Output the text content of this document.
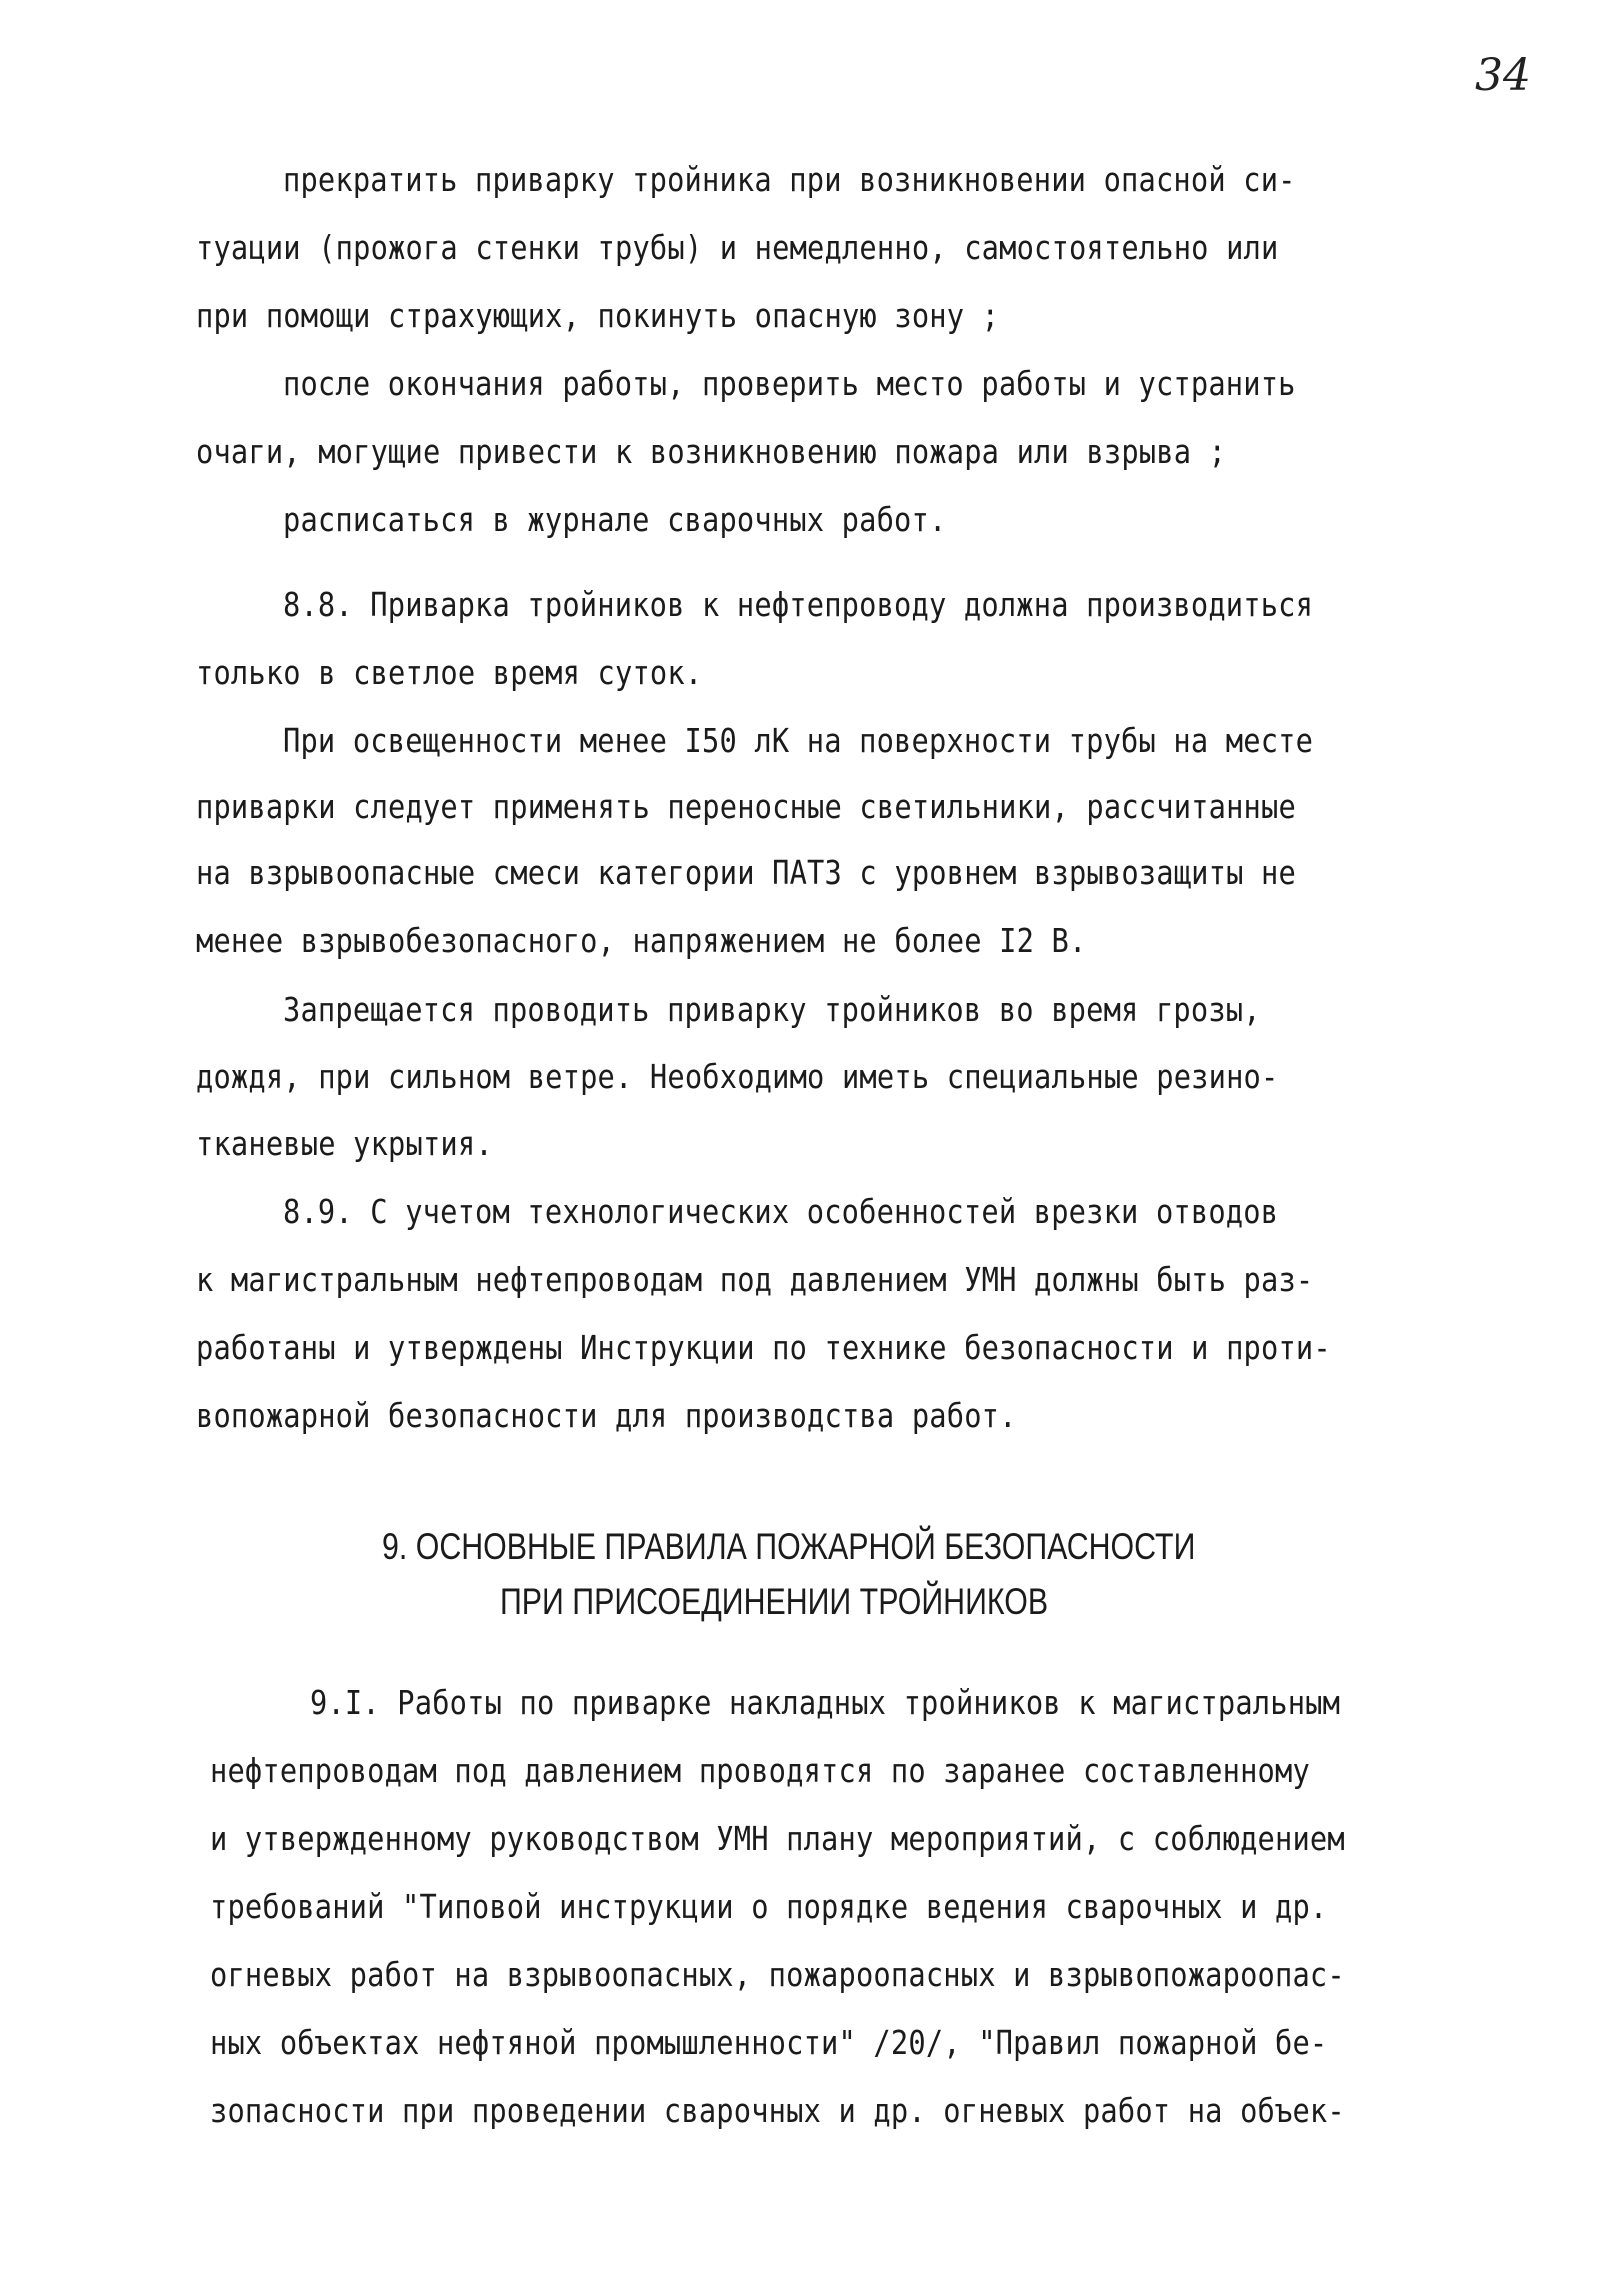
34
прекратить приварку тройника при возникновении опасной си-
туации (прожога стенки трубы) и немедленно, самостоятельно или
при помощи страхующих, покинуть опасную зону ;
после окончания работы, проверить место работы и устранить
очаги, могущие привести к возникновению пожара или взрыва ;
расписаться в журнале сварочных работ.
8.8. Приварка тройников к нефтепроводу должна производиться
только в светлое время суток.
При освещенности менее I50 лК на поверхности трубы на месте
приварки следует применять переносные светильники, рассчитанные
на взрывоопасные смеси категории ПАТЗ с уровнем взрывозащиты не
менее взрывобезопасного, напряжением не более I2 В.
Запрещается проводить приварку тройников во время грозы,
дождя, при сильном ветре. Необходимо иметь специальные резино-
тканевые укрытия.
8.9. С учетом технологических особенностей врезки отводов
к магистральным нефтепроводам под давлением УМН должны быть раз-
работаны и утверждены Инструкции по технике безопасности и проти-
вопожарной безопасности для производства работ.
9. ОСНОВНЫЕ ПРАВИЛА ПОЖАРНОЙ БЕЗОПАСНОСТИ
ПРИ ПРИСОЕДИНЕНИИ ТРОЙНИКОВ
9.I. Работы по приварке накладных тройников к магистральным
нефтепроводам под давлением проводятся по заранее составленному
и утвержденному руководством УМН плану мероприятий, с соблюдением
требований "Типовой инструкции о порядке ведения сварочных и др.
огневых работ на взрывоопасных, пожароопасных и взрывопожароопас-
ных объектах нефтяной промышленности" /20/, "Правил пожарной бе-
зопасности при проведении сварочных и др. огневых работ на объек-
